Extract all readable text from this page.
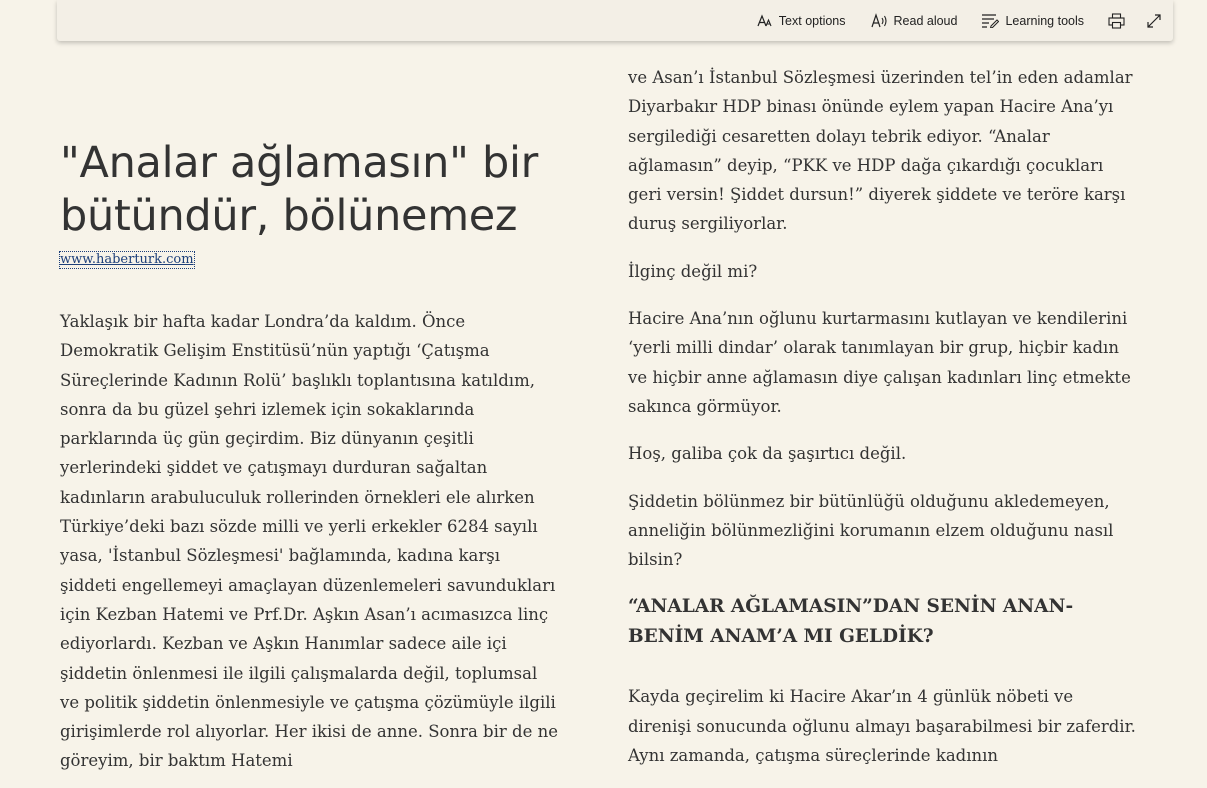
Text options	Read aloud	Learning tools
"Analar ağlamasın" bir bütündür, bölünemez
www.haberturk.com

Yaklaşık bir hafta kadar Londra’da kaldım. Önce Demokratik Gelişim Enstitüsü’nün yaptığı ‘Çatışma Süreçlerinde Kadının Rolü’ başlıklı toplantısına katıldım, sonra da bu güzel şehri izlemek için sokaklarında parklarında üç gün geçirdim. Biz dünyanın çeşitli yerlerindeki şiddet ve çatışmayı durduran sağaltan kadınların arabuluculuk rollerinden örnekleri ele alırken Türkiye’deki bazı sözde milli ve yerli erkekler 6284 sayılı yasa, 'İstanbul Sözleşmesi' bağlamında, kadına karşı şiddeti engellemeyi amaçlayan düzenlemeleri savundukları için Kezban Hatemi ve Prf.Dr. Aşkın Asan’ı acımasızca linç ediyorlardı. Kezban ve Aşkın Hanımlar sadece aile içi şiddetin önlenmesi ile ilgili çalışmalarda değil, toplumsal ve politik şiddetin önlenmesiyle ve çatışma çözümüyle ilgili girişimlerde rol alıyorlar. Her ikisi de anne. Sonra bir de ne göreyim, bir baktım Hatemi

ve Asan’ı İstanbul Sözleşmesi üzerinden tel’in eden adamlar Diyarbakır HDP binası önünde eylem yapan Hacire Ana’yı sergilediği cesaretten dolayı tebrik ediyor. “Analar ağlamasın” deyip, “PKK ve HDP dağa çıkardığı çocukları geri versin! Şiddet dursun!” diyerek şiddete ve teröre karşı duruş sergiliyorlar.

İlginç değil mi?

Hacire Ana’nın oğlunu kurtarmasını kutlayan ve kendilerini ‘yerli milli dindar’ olarak tanımlayan bir grup, hiçbir kadın ve hiçbir anne ağlamasın diye çalışan kadınları linç etmekte sakınca görmüyor.

Hoş, galiba çok da şaşırtıcı değil.

Şiddetin bölünmez bir bütünlüğü olduğunu akledemeyen, anneliğin bölünmezliğini korumanın elzem olduğunu nasıl bilsin?

“ANALAR AĞLAMASIN”DAN SENİN ANAN-BENİM ANAM’A MI GELDİK?

Kayda geçirelim ki Hacire Akar’ın 4 günlük nöbeti ve direnişi sonucunda oğlunu almayı başarabilmesi bir zaferdir. Aynı zamanda, çatışma süreçlerinde kadının
